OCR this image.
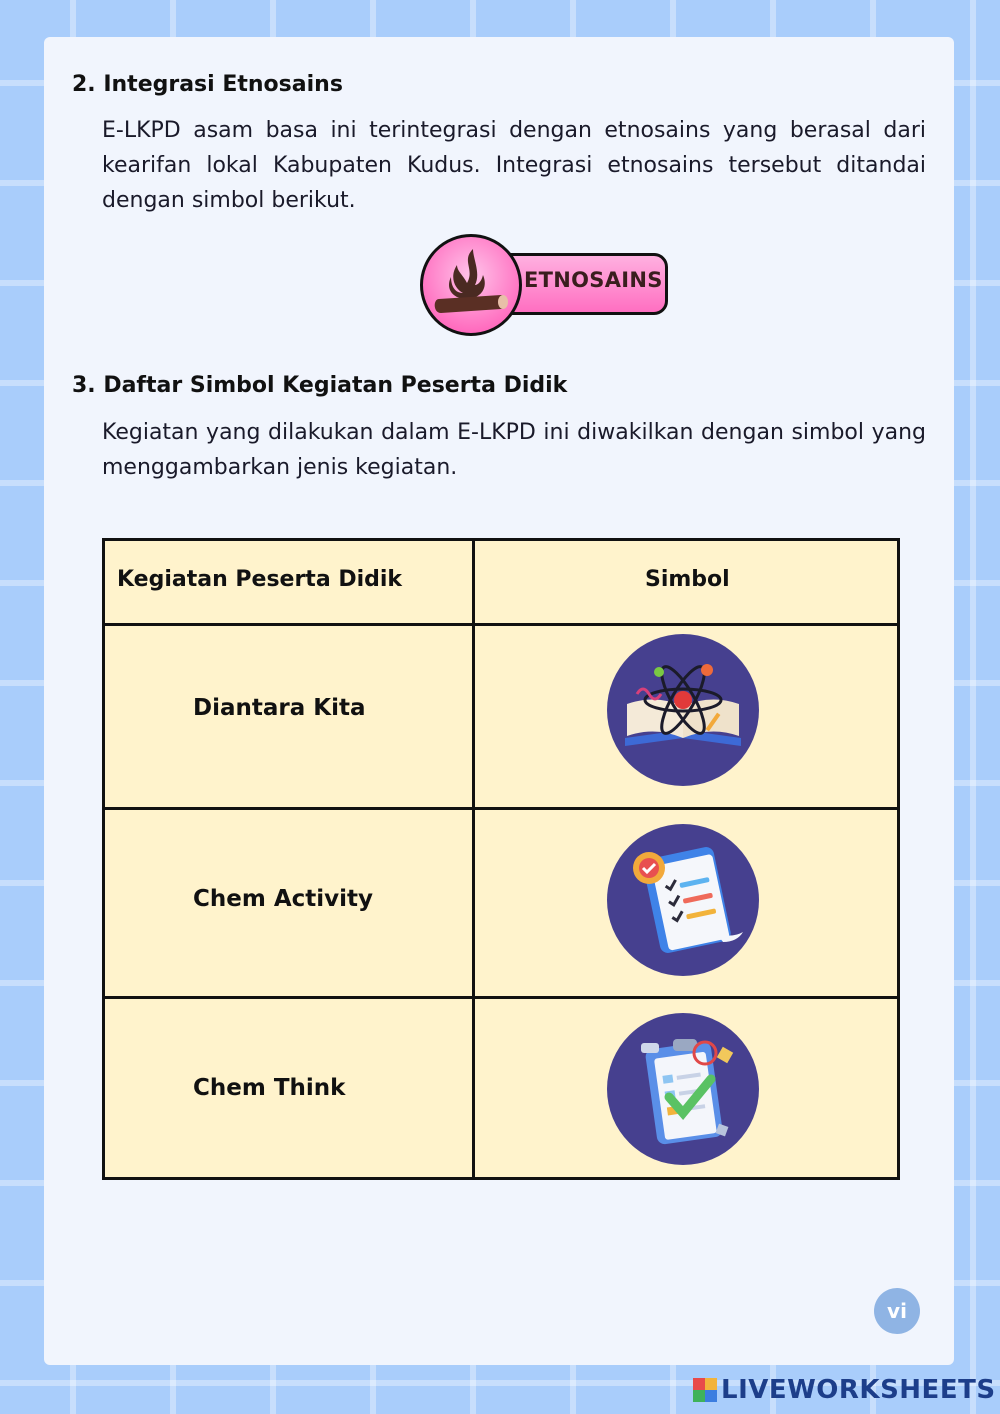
2. Integrasi Etnosains
E-LKPD asam basa ini terintegrasi dengan etnosains yang berasal dari kearifan lokal Kabupaten Kudus. Integrasi etnosains tersebut ditandai dengan simbol berikut.
ETNOSAINS
3. Daftar Simbol Kegiatan Peserta Didik
Kegiatan yang dilakukan dalam E-LKPD ini diwakilkan dengan simbol yang menggambarkan jenis kegiatan.
Kegiatan Peserta Didik	Simbol
Diantara Kita
Chem Activity
Chem Think
vi
LIVEWORKSHEETS
